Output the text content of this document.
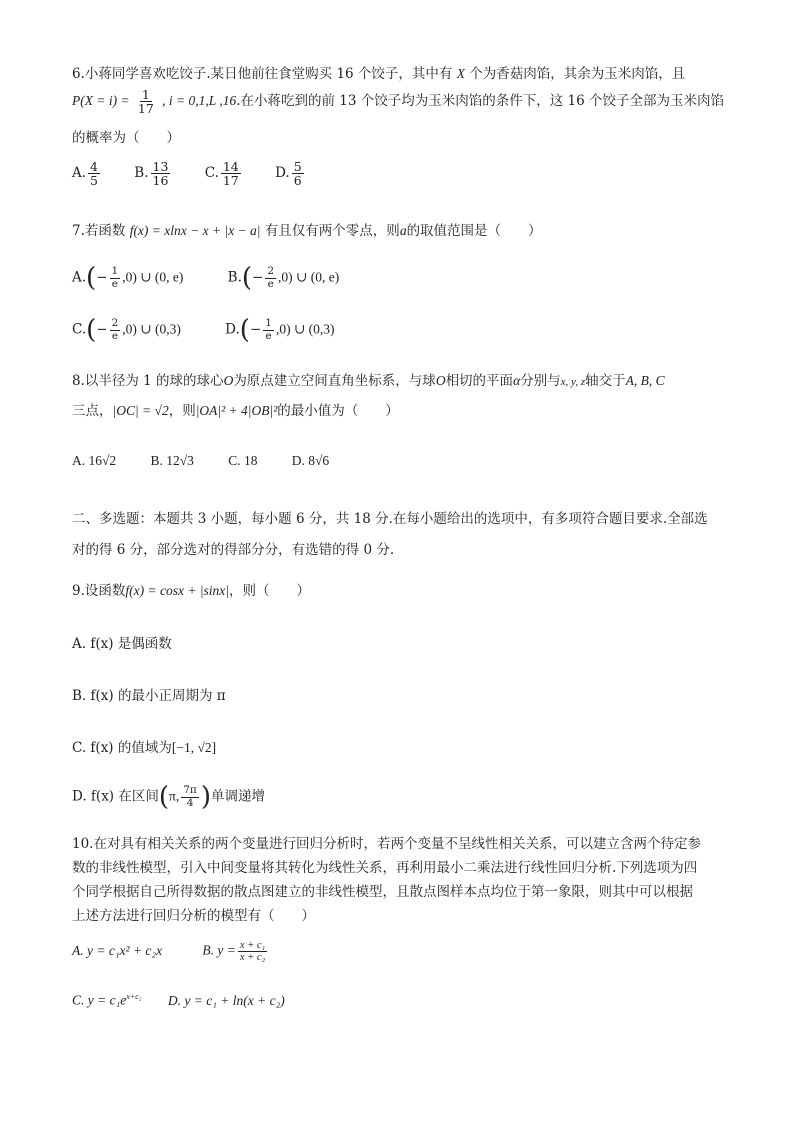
6.小蒋同学喜欢吃饺子.某日他前往食堂购买 16 个饺子，其中有 X 个为香菇肉馅，其余为玉米肉馅，且
$P(X = i) = \frac{1}{17}$ , i = 0,1,L ,16.在小蒋吃到的前 13 个饺子均为玉米肉馅的条件下，这 16 个饺子全部为玉米肉馅
的概率为（　　）
A. $\frac{4}{5}$	B. $\frac{13}{16}$	C. $\frac{14}{17}$	D. $\frac{5}{6}$
7.若函数 f(x) = xlnx − x + |x − a| 有且仅有两个零点，则a的取值范围是（　　）
$A.(- \frac{1}{e} ,0)$ ∪ (0, e)	$B.(- \frac{2}{e} ,0)$ ∪ (0, e)
$C.(- \frac{2}{e} ,0)$ ∪ (0,3)	$D.(- \frac{1}{e} ,0)$ ∪ (0,3)
8.以半径为 1 的球的球心O为原点建立空间直角坐标系，与球O相切的平面α分别与x, y, z轴交于A, B, C
三点，|OC| = √2，则|OA|² + 4|OB|²的最小值为（　　）
A. 16√2	B. 12√3	C. 18	D. 8√6
二、多选题：本题共 3 小题，每小题 6 分，共 18 分.在每小题给出的选项中，有多项符合题目要求.全部选
对的得 6 分，部分选对的得部分分，有选错的得 0 分.
9.设函数f(x) = cosx + |sinx|，则（　　）
A. f(x) 是偶函数
B. f(x) 的最小正周期为 π
C. f(x) 的值域为[−1, √2]
D. f(x) 在区间(π, $\frac{7\pi}{4}$ )单调递增
10.在对具有相关关系的两个变量进行回归分析时，若两个变量不呈线性相关关系，可以建立含两个待定参
数的非线性模型，引入中间变量将其转化为线性关系，再利用最小二乘法进行线性回归分析.下列选项为四
个同学根据自己所得数据的散点图建立的非线性模型，且散点图样本点均位于第一象限，则其中可以根据
上述方法进行回归分析的模型有（　　）
A. y = c₁x² + c₂x	B. $y = \frac{\text{x + c₁}}{\text{x + c₂}}$
C. $y = c_1e^{x+c_2}$ D. y = c₁ + ln(x + c₂)
